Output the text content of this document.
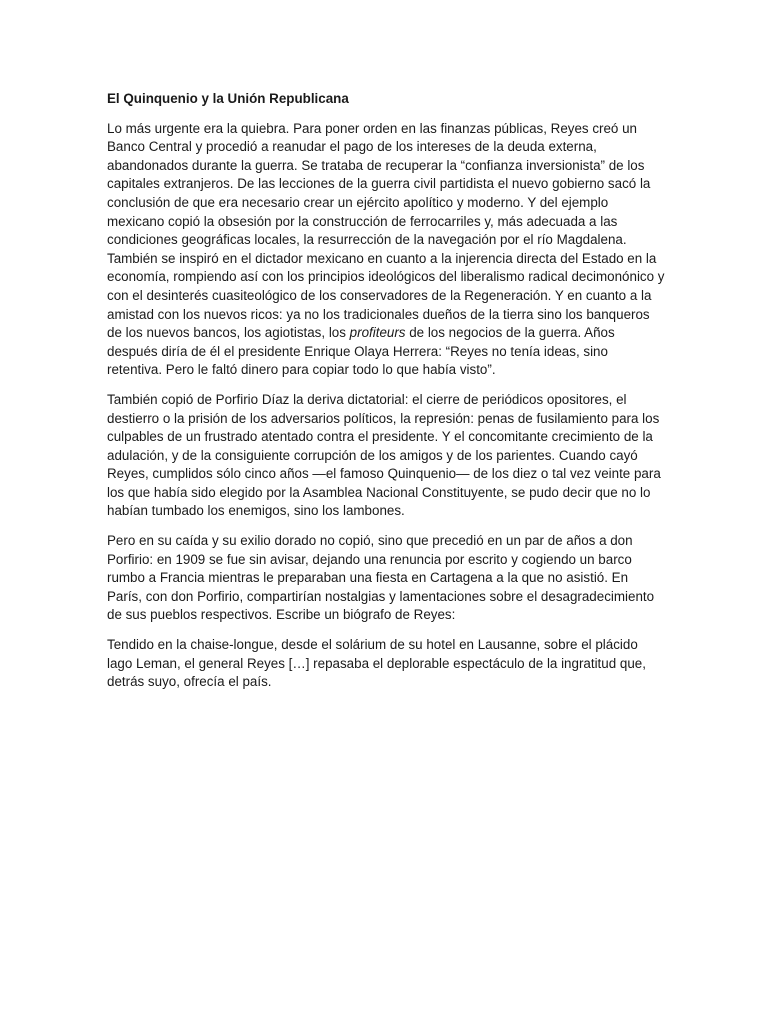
El Quinquenio y la Unión Republicana

Lo más urgente era la quiebra. Para poner orden en las finanzas públicas, Reyes creó un Banco Central y procedió a reanudar el pago de los intereses de la deuda externa, abandonados durante la guerra. Se trataba de recuperar la “confianza inversionista” de los capitales extranjeros. De las lecciones de la guerra civil partidista el nuevo gobierno sacó la conclusión de que era necesario crear un ejército apolítico y moderno. Y del ejemplo mexicano copió la obsesión por la construcción de ferrocarriles y, más adecuada a las condiciones geográficas locales, la resurrección de la navegación por el río Magdalena. También se inspiró en el dictador mexicano en cuanto a la injerencia directa del Estado en la economía, rompiendo así con los principios ideológicos del liberalismo radical decimonónico y con el desinterés cuasiteológico de los conservadores de la Regeneración. Y en cuanto a la amistad con los nuevos ricos: ya no los tradicionales dueños de la tierra sino los banqueros de los nuevos bancos, los agiotistas, los profiteurs de los negocios de la guerra. Años después diría de él el presidente Enrique Olaya Herrera: “Reyes no tenía ideas, sino retentiva. Pero le faltó dinero para copiar todo lo que había visto”.

También copió de Porfirio Díaz la deriva dictatorial: el cierre de periódicos opositores, el destierro o la prisión de los adversarios políticos, la represión: penas de fusilamiento para los culpables de un frustrado atentado contra el presidente. Y el concomitante crecimiento de la adulación, y de la consiguiente corrupción de los amigos y de los parientes. Cuando cayó Reyes, cumplidos sólo cinco años —el famoso Quinquenio— de los diez o tal vez veinte para los que había sido elegido por la Asamblea Nacional Constituyente, se pudo decir que no lo habían tumbado los enemigos, sino los lambones.

Pero en su caída y su exilio dorado no copió, sino que precedió en un par de años a don Porfirio: en 1909 se fue sin avisar, dejando una renuncia por escrito y cogiendo un barco rumbo a Francia mientras le preparaban una fiesta en Cartagena a la que no asistió. En París, con don Porfirio, compartirían nostalgias y lamentaciones sobre el desagradecimiento de sus pueblos respectivos. Escribe un biógrafo de Reyes:

Tendido en la chaise-longue, desde el solárium de su hotel en Lausanne, sobre el plácido lago Leman, el general Reyes […] repasaba el deplorable espectáculo de la ingratitud que, detrás suyo, ofrecía el país.
